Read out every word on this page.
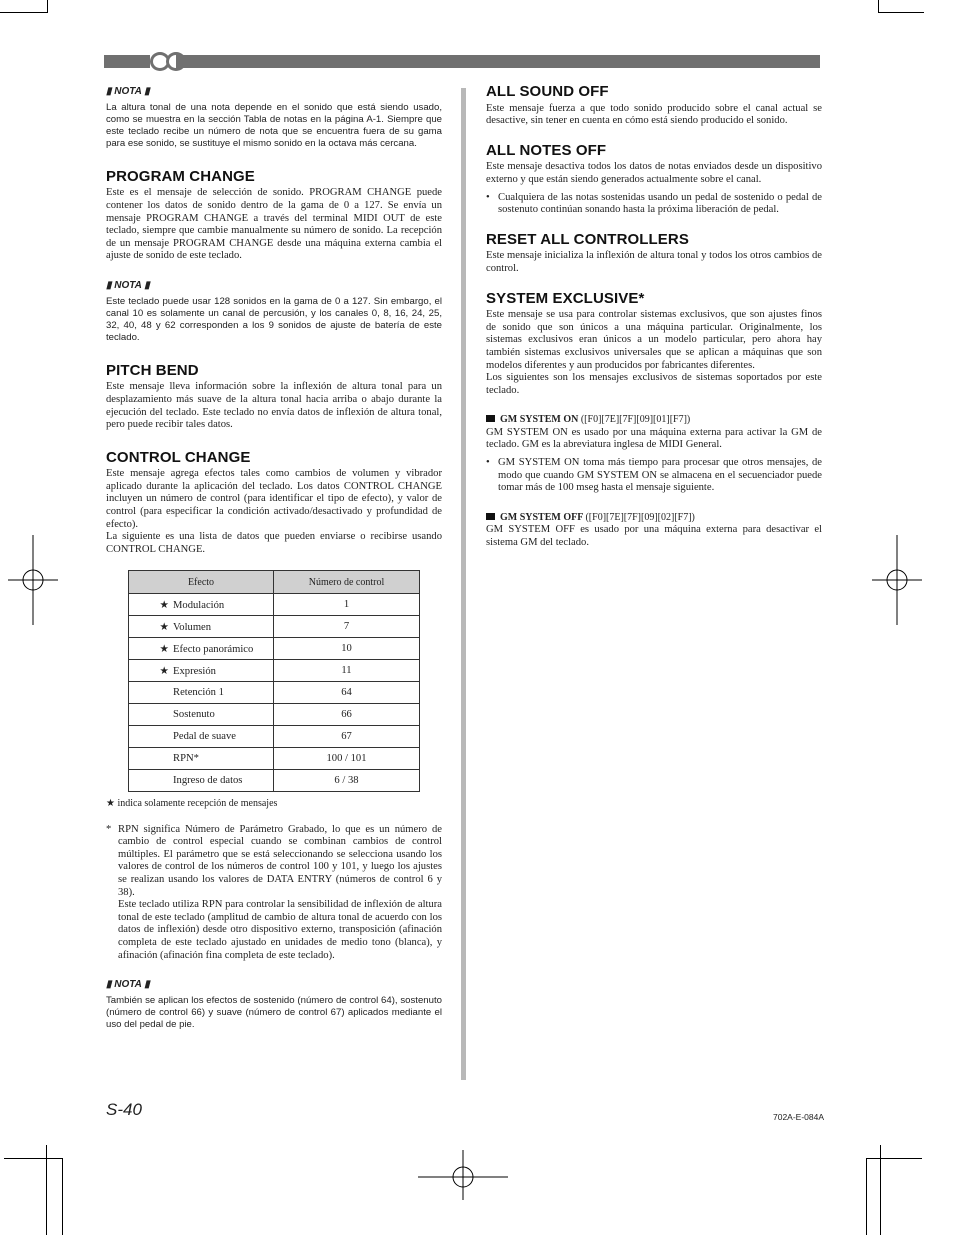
▮ NOTA ▮

La altura tonal de una nota depende en el sonido que está siendo usado, como se muestra en la sección Tabla de notas en la página A-1. Siempre que este teclado recibe un número de nota que se encuentra fuera de su gama para ese sonido, se sustituye el mismo sonido en la octava más cercana.

PROGRAM CHANGE

Este es el mensaje de selección de sonido. PROGRAM CHANGE puede contener los datos de sonido dentro de la gama de 0 a 127. Se envía un mensaje PROGRAM CHANGE a través del terminal MIDI OUT de este teclado, siempre que cambie manualmente su número de sonido. La recepción de un mensaje PROGRAM CHANGE desde una máquina externa cambia el ajuste de sonido de este teclado.

▮ NOTA ▮

Este teclado puede usar 128 sonidos en la gama de 0 a 127. Sin embargo, el canal 10 es solamente un canal de percusión, y los canales 0, 8, 16, 24, 25, 32, 40, 48 y 62 corresponden a los 9 sonidos de ajuste de batería de este teclado.

PITCH BEND

Este mensaje lleva información sobre la inflexión de altura tonal para un desplazamiento más suave de la altura tonal hacia arriba o abajo durante la ejecución del teclado. Este teclado no envía datos de inflexión de altura tonal, pero puede recibir tales datos.

CONTROL CHANGE

Este mensaje agrega efectos tales como cambios de volumen y vibrador aplicado durante la aplicación del teclado. Los datos CONTROL CHANGE incluyen un número de control (para identificar el tipo de efecto), y valor de control (para especificar la condición activado/desactivado y profundidad de efecto).

La siguiente es una lista de datos que pueden enviarse o recibirse usando CONTROL CHANGE.

Efecto	Número de control
★ Modulación	1
★ Volumen	7
★ Efecto panorámico	10
★ Expresión	11
Retención 1	64
Sostenuto	66
Pedal de suave	67
RPN*	100 / 101
Ingreso de datos	6 / 38

★ indica solamente recepción de mensajes

* RPN significa Número de Parámetro Grabado, lo que es un número de cambio de control especial cuando se combinan cambios de control múltiples. El parámetro que se está seleccionando se selecciona usando los valores de control de los números de control 100 y 101, y luego los ajustes se realizan usando los valores de DATA ENTRY (números de control 6 y 38).

Este teclado utiliza RPN para controlar la sensibilidad de inflexión de altura tonal de este teclado (amplitud de cambio de altura tonal de acuerdo con los datos de inflexión) desde otro dispositivo externo, transposición (afinación completa de este teclado ajustado en unidades de medio tono (blanca), y afinación (afinación fina completa de este teclado).

▮ NOTA ▮

También se aplican los efectos de sostenido (número de control 64), sostenuto (número de control 66) y suave (número de control 67) aplicados mediante el uso del pedal de pie.

ALL SOUND OFF

Este mensaje fuerza a que todo sonido producido sobre el canal actual se desactive, sin tener en cuenta en cómo está siendo producido el sonido.

ALL NOTES OFF

Este mensaje desactiva todos los datos de notas enviados desde un dispositivo externo y que están siendo generados actualmente sobre el canal.

• Cualquiera de las notas sostenidas usando un pedal de sostenido o pedal de sostenuto continúan sonando hasta la próxima liberación de pedal.

RESET ALL CONTROLLERS

Este mensaje inicializa la inflexión de altura tonal y todos los otros cambios de control.

SYSTEM EXCLUSIVE*

Este mensaje se usa para controlar sistemas exclusivos, que son ajustes finos de sonido que son únicos a una máquina particular. Originalmente, los sistemas exclusivos eran únicos a un modelo particular, pero ahora hay también sistemas exclusivos universales que se aplican a máquinas que son modelos diferentes y aun producidos por fabricantes diferentes.

Los siguientes son los mensajes exclusivos de sistemas soportados por este teclado.

GM SYSTEM ON ([F0][7E][7F][09][01][F7])

GM SYSTEM ON es usado por una máquina externa para activar la GM de teclado. GM es la abreviatura inglesa de MIDI General.

• GM SYSTEM ON toma más tiempo para procesar que otros mensajes, de modo que cuando GM SYSTEM ON se almacena en el secuenciador puede tomar más de 100 mseg hasta el mensaje siguiente.

GM SYSTEM OFF ([F0][7E][7F][09][02][F7])

GM SYSTEM OFF es usado por una máquina externa para desactivar el sistema GM del teclado.

S-40	702A-E-084A
